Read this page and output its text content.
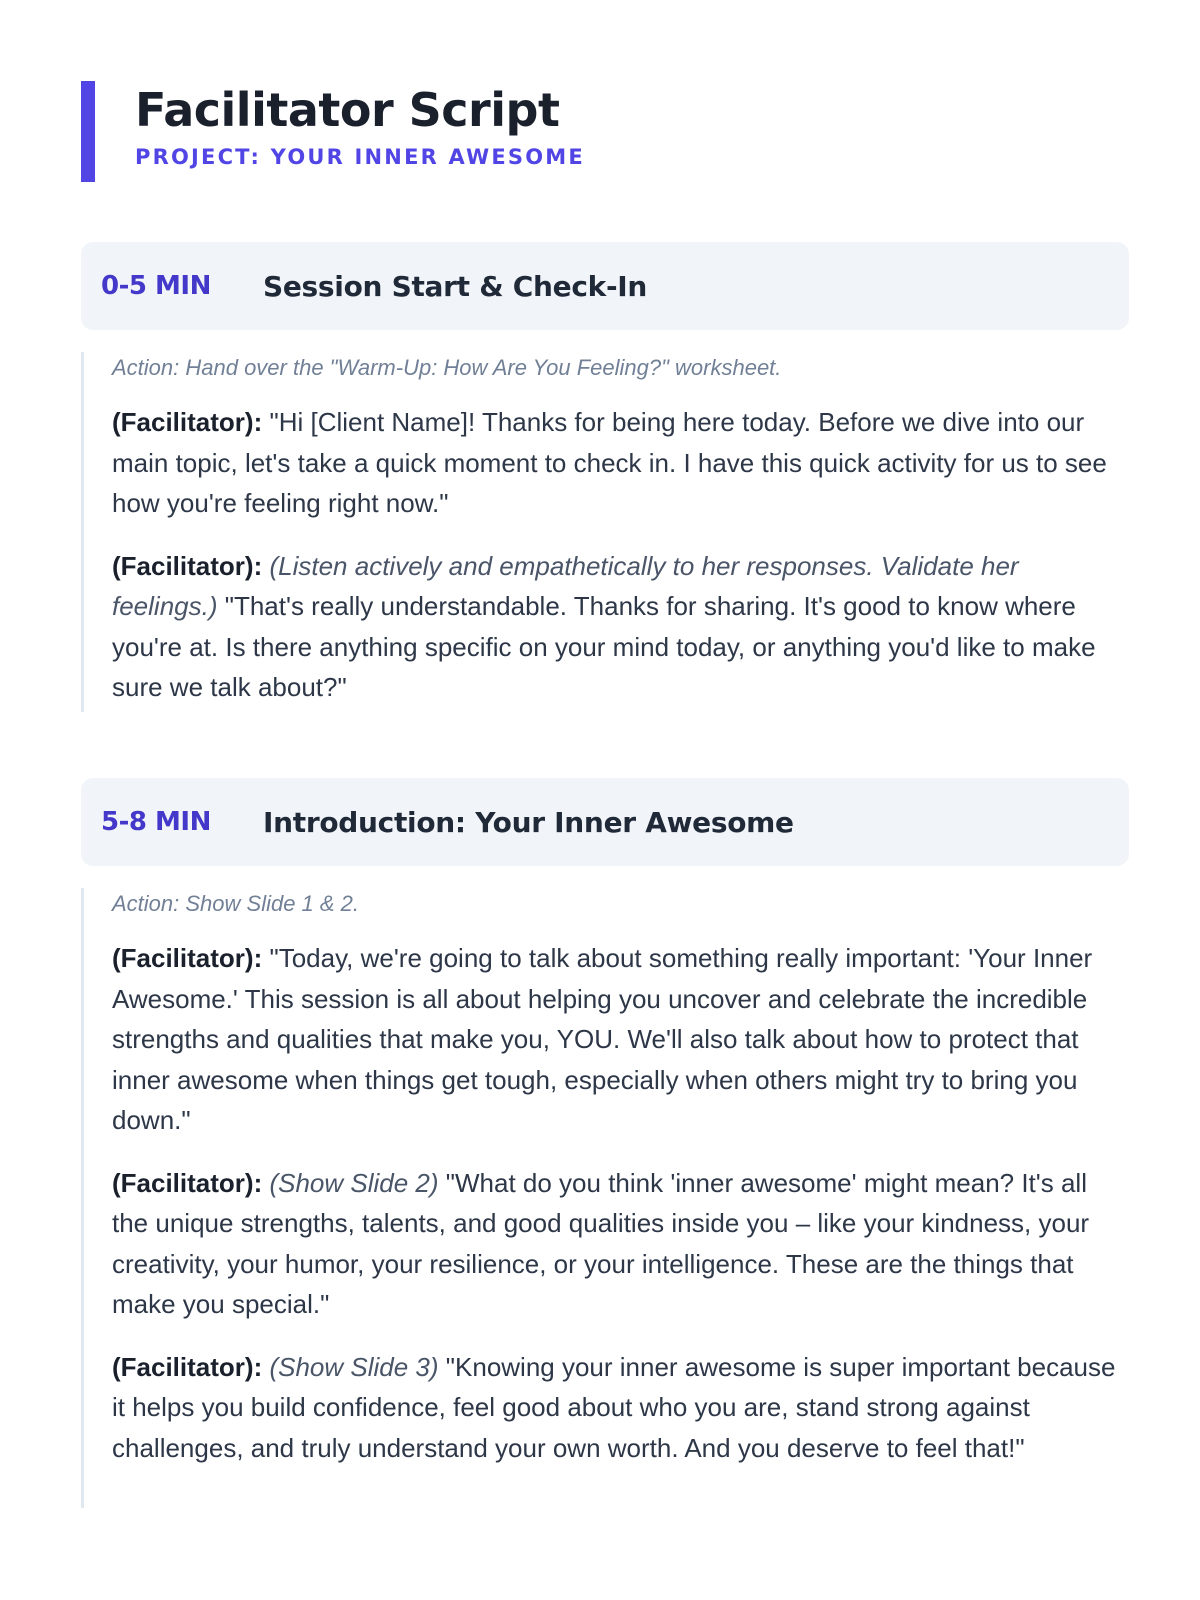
Facilitator Script
PROJECT: YOUR INNER AWESOME
0-5 MIN	Session Start & Check-In

Action: Hand over the "Warm-Up: How Are You Feeling?" worksheet.

(Facilitator): "Hi [Client Name]! Thanks for being here today. Before we dive into our main topic, let's take a quick moment to check in. I have this quick activity for us to see how you're feeling right now."

(Facilitator): (Listen actively and empathetically to her responses. Validate her feelings.) "That's really understandable. Thanks for sharing. It's good to know where you're at. Is there anything specific on your mind today, or anything you'd like to make sure we talk about?"

5-8 MIN	Introduction: Your Inner Awesome

Action: Show Slide 1 & 2.

(Facilitator): "Today, we're going to talk about something really important: 'Your Inner Awesome.' This session is all about helping you uncover and celebrate the incredible strengths and qualities that make you, YOU. We'll also talk about how to protect that inner awesome when things get tough, especially when others might try to bring you down."

(Facilitator): (Show Slide 2) "What do you think 'inner awesome' might mean? It's all the unique strengths, talents, and good qualities inside you – like your kindness, your creativity, your humor, your resilience, or your intelligence. These are the things that make you special."

(Facilitator): (Show Slide 3) "Knowing your inner awesome is super important because it helps you build confidence, feel good about who you are, stand strong against challenges, and truly understand your own worth. And you deserve to feel that!"
